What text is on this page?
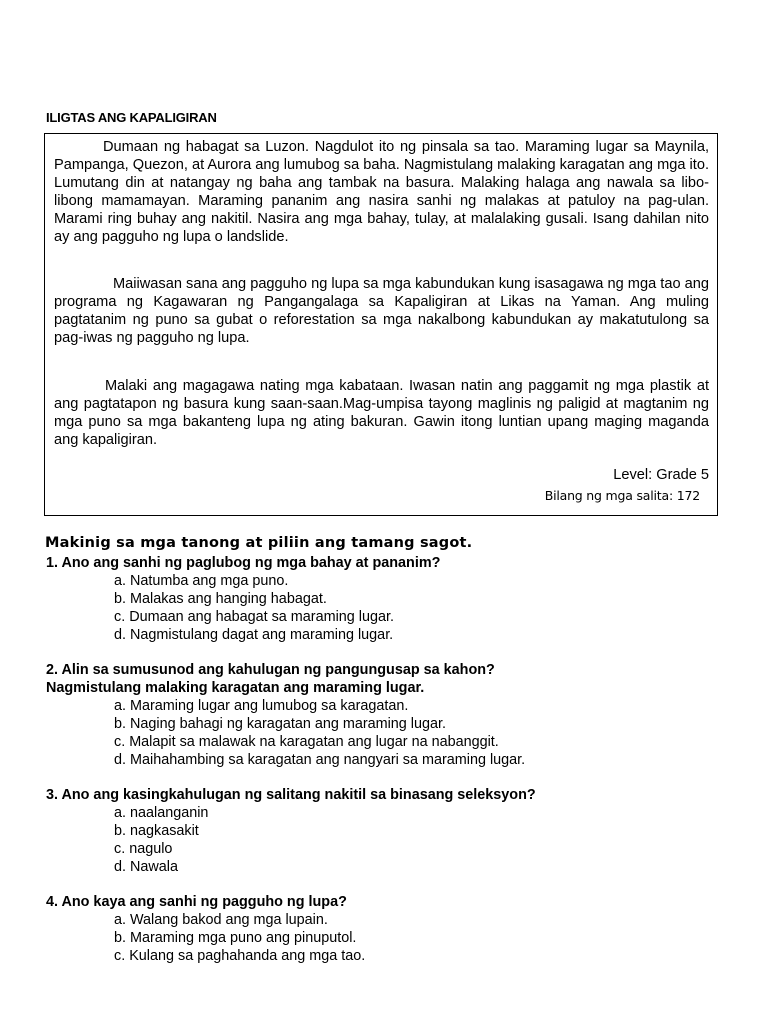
ILIGTAS ANG KAPALIGIRAN

Dumaan ng habagat sa Luzon. Nagdulot ito ng pinsala sa tao. Maraming lugar sa Maynila, Pampanga, Quezon, at Aurora ang lumubog sa baha. Nagmistulang malaking karagatan ang mga ito. Lumutang din at natangay ng baha ang tambak na basura. Malaking halaga ang nawala sa libo-libong mamamayan. Maraming pananim ang nasira sanhi ng malakas at patuloy na pag-ulan. Marami ring buhay ang nakitil. Nasira ang mga bahay, tulay, at malalaking gusali. Isang dahilan nito ay ang pagguho ng lupa o landslide.

Maiiwasan sana ang pagguho ng lupa sa mga kabundukan kung isasagawa ng mga tao ang programa ng Kagawaran ng Pangangalaga sa Kapaligiran at Likas na Yaman. Ang muling pagtatanim ng puno sa gubat o reforestation sa mga nakalbong kabundukan ay makatutulong sa pag-iwas ng pagguho ng lupa.

Malaki ang magagawa nating mga kabataan. Iwasan natin ang paggamit ng mga plastik at ang pagtatapon ng basura kung saan-saan.Mag-umpisa tayong maglinis ng paligid at magtanim ng mga puno sa mga bakanteng lupa ng ating bakuran. Gawin itong luntian upang maging maganda ang kapaligiran.

Level: Grade 5
Bilang ng mga salita: 172
Makinig sa mga tanong at piliin ang tamang sagot.
1. Ano ang sanhi ng paglubog ng mga bahay at pananim?
a. Natumba ang mga puno.
b. Malakas ang hanging habagat.
c. Dumaan ang habagat sa maraming lugar.
d. Nagmistulang dagat ang maraming lugar.
2. Alin sa sumusunod ang kahulugan ng pangungusap sa kahon?
Nagmistulang malaking karagatan ang maraming lugar.
a. Maraming lugar ang lumubog sa karagatan.
b. Naging bahagi ng karagatan ang maraming lugar.
c. Malapit sa malawak na karagatan ang lugar na nabanggit.
d. Maihahambing sa karagatan ang nangyari sa maraming lugar.
3. Ano ang kasingkahulugan ng salitang nakitil sa binasang seleksyon?
a. naalanganin
b. nagkasakit
c. nagulo
d. Nawala
4. Ano kaya ang sanhi ng pagguho ng lupa?
a. Walang bakod ang mga lupain.
b. Maraming mga puno ang pinuputol.
c. Kulang sa paghahanda ang mga tao.
